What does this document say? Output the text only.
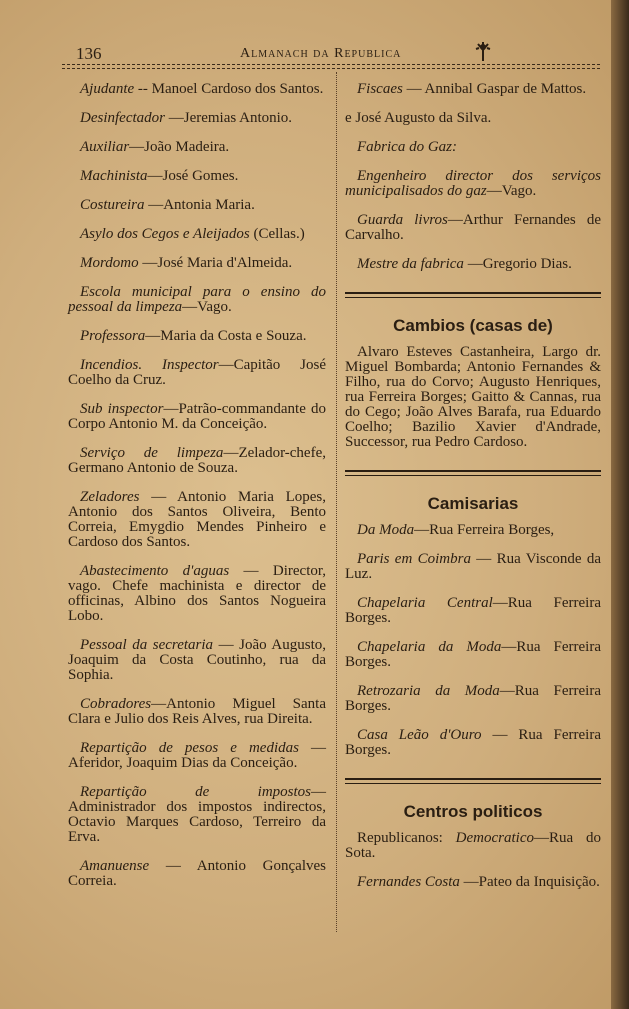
136	Almanach da Republica
Ajudante -- Manoel Cardoso dos Santos.
Desinfectador —Jeremias Antonio.
Auxiliar—João Madeira.
Machinista—José Gomes.
Costureira —Antonia Maria.
Asylo dos Cegos e Aleijados (Cellas.)
Mordomo —José Maria d'Almeida.
Escola municipal para o ensino do pessoal da limpeza—Vago.
Professora—Maria da Costa e Souza.
Incendios. Inspector—Capitão José Coelho da Cruz.
Sub inspector—Patrão-commandante do Corpo Antonio M. da Conceição.
Serviço de limpeza—Zelador-chefe, Germano Antonio de Souza.
Zeladores — Antonio Maria Lopes, Antonio dos Santos Oliveira, Bento Correia, Emygdio Mendes Pinheiro e Cardoso dos Santos.
Abastecimento d'aguas — Director, vago. Chefe machinista e director de officinas, Albino dos Santos Nogueira Lobo.
Pessoal da secretaria — João Augusto, Joaquim da Costa Coutinho, rua da Sophia.
Cobradores—Antonio Miguel Santa Clara e Julio dos Reis Alves, rua Direita.
Repartição de pesos e medidas — Aferidor, Joaquim Dias da Conceição.
Repartição de impostos— Administrador dos impostos indirectos, Octavio Marques Cardoso, Terreiro da Erva.
Amanuense — Antonio Gonçalves Correia.
Fiscaes — Annibal Gaspar de Mattos.
e José Augusto da Silva.
Fabrica do Gaz:
Engenheiro director dos serviços municipalisados do gaz—Vago.
Guarda livros—Arthur Fernandes de Carvalho.
Mestre da fabrica —Gregorio Dias.
Cambios (casas de)
Alvaro Esteves Castanheira, Largo dr. Miguel Bombarda; Antonio Fernandes & Filho, rua do Corvo; Augusto Henriques, rua Ferreira Borges; Gaitto & Cannas, rua do Cego; João Alves Barafa, rua Eduardo Coelho; Bazilio Xavier d'Andrade, Successor, rua Pedro Cardoso.
Camisarias
Da Moda—Rua Ferreira Borges,
Paris em Coimbra — Rua Visconde da Luz.
Chapelaria Central—Rua Ferreira Borges.
Chapelaria da Moda—Rua Ferreira Borges.
Retrozaria da Moda—Rua Ferreira Borges.
Casa Leão d'Ouro — Rua Ferreira Borges.
Centros politicos
Republicanos: Democratico—Rua do Sota.
Fernandes Costa —Pateo da Inquisição.
